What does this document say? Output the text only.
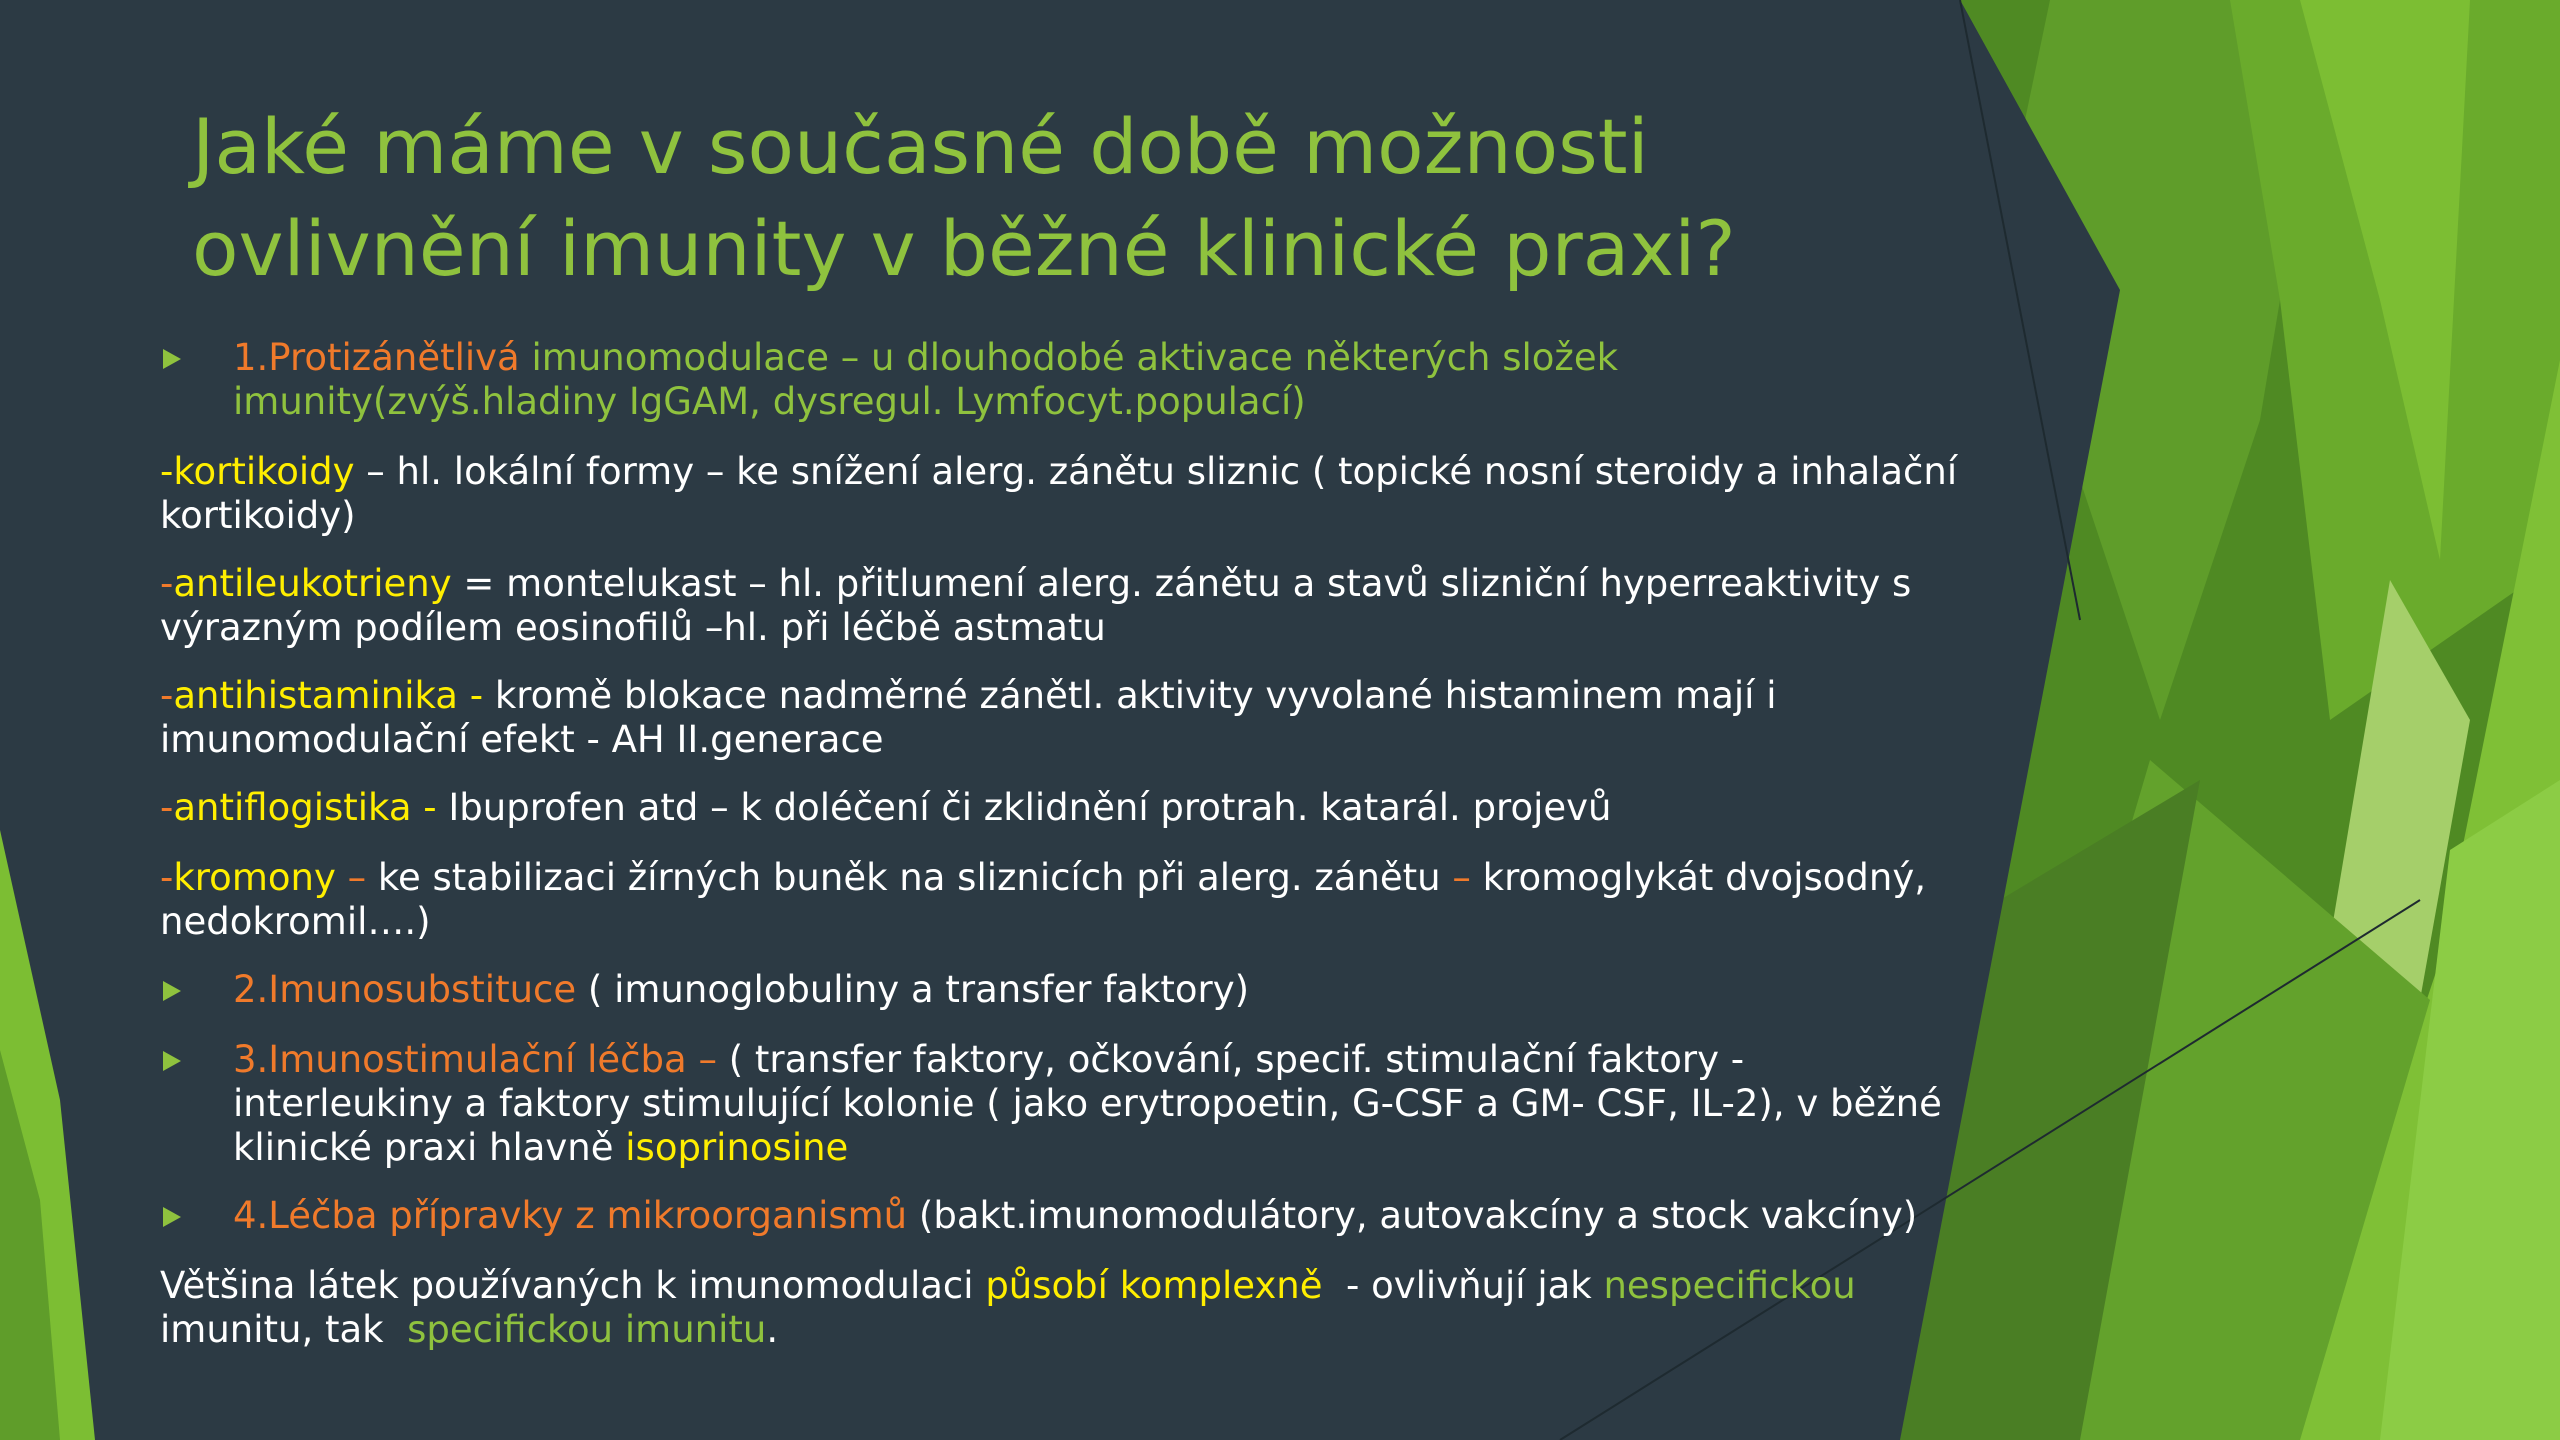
Jaké máme v současné době možnosti
ovlivnění imunity v běžné klinické praxi?
1.Protizánětlivá imunomodulace – u dlouhodobé aktivace některých složek
imunity(zvýš.hladiny IgGAM, dysregul. Lymfocyt.populací)
-kortikoidy – hl. lokální formy – ke snížení alerg. zánětu sliznic ( topické nosní steroidy a inhalační
kortikoidy)
-antileukotrieny = montelukast – hl. přitlumení alerg. zánětu a stavů slizniční hyperreaktivity s
výrazným podílem eosinofilů –hl. při léčbě astmatu
-antihistaminika - kromě blokace nadměrné zánětl. aktivity vyvolané histaminem mají i
imunomodulační efekt - AH II.generace
-antiflogistika - Ibuprofen atd – k doléčení či zklidnění protrah. katarál. projevů
-kromony – ke stabilizaci žírných buněk na sliznicích při alerg. zánětu – kromoglykát dvojsodný,
nedokromil….)
2.Imunosubstituce ( imunoglobuliny a transfer faktory)
3.Imunostimulační léčba – ( transfer faktory, očkování, specif. stimulační faktory -
interleukiny a faktory stimulující kolonie ( jako erytropoetin, G-CSF a GM- CSF, IL-2), v běžné
klinické praxi hlavně isoprinosine
4.Léčba přípravky z mikroorganismů (bakt.imunomodulátory, autovakcíny a stock vakcíny)
Většina látek používaných k imunomodulaci působí komplexně  - ovlivňují jak nespecifickou
imunitu, tak  specifickou imunitu.
